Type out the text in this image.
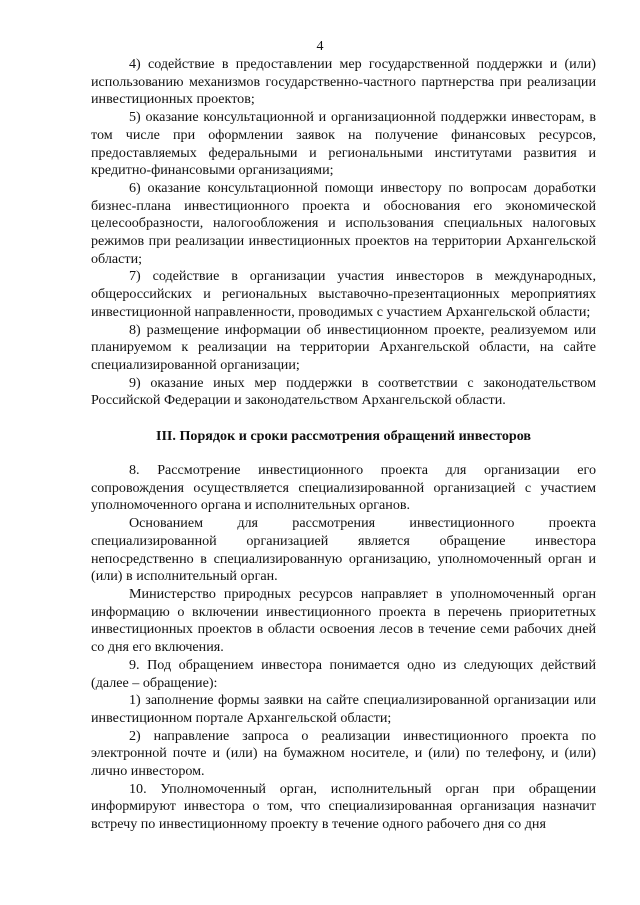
4

4) содействие в предоставлении мер государственной поддержки и (или) использованию механизмов государственно-частного партнерства при реализации инвестиционных проектов;

5) оказание консультационной и организационной поддержки инвесторам, в том числе при оформлении заявок на получение финансовых ресурсов, предоставляемых федеральными и региональными институтами развития и кредитно-финансовыми организациями;

6) оказание консультационной помощи инвестору по вопросам доработки бизнес-плана инвестиционного проекта и обоснования его экономической целесообразности, налогообложения и использования специальных налоговых режимов при реализации инвестиционных проектов на территории Архангельской области;

7) содействие в организации участия инвесторов в международных, общероссийских и региональных выставочно-презентационных мероприятиях инвестиционной направленности, проводимых с участием Архангельской области;

8) размещение информации об инвестиционном проекте, реализуемом или планируемом к реализации на территории Архангельской области, на сайте специализированной организации;

9) оказание иных мер поддержки в соответствии с законодательством Российской Федерации и законодательством Архангельской области.

III. Порядок и сроки рассмотрения обращений инвесторов

8. Рассмотрение инвестиционного проекта для организации его сопровождения осуществляется специализированной организацией с участием уполномоченного органа и исполнительных органов.

Основанием для рассмотрения инвестиционного проекта специализированной организацией является обращение инвестора непосредственно в специализированную организацию, уполномоченный орган и (или) в исполнительный орган.

Министерство природных ресурсов направляет в уполномоченный орган информацию о включении инвестиционного проекта в перечень приоритетных инвестиционных проектов в области освоения лесов в течение семи рабочих дней со дня его включения.

9. Под обращением инвестора понимается одно из следующих действий (далее – обращение):

1) заполнение формы заявки на сайте специализированной организации или инвестиционном портале Архангельской области;

2) направление запроса о реализации инвестиционного проекта по электронной почте и (или) на бумажном носителе, и (или) по телефону, и (или) лично инвестором.

10. Уполномоченный орган, исполнительный орган при обращении информируют инвестора о том, что специализированная организация назначит встречу по инвестиционному проекту в течение одного рабочего дня со дня
